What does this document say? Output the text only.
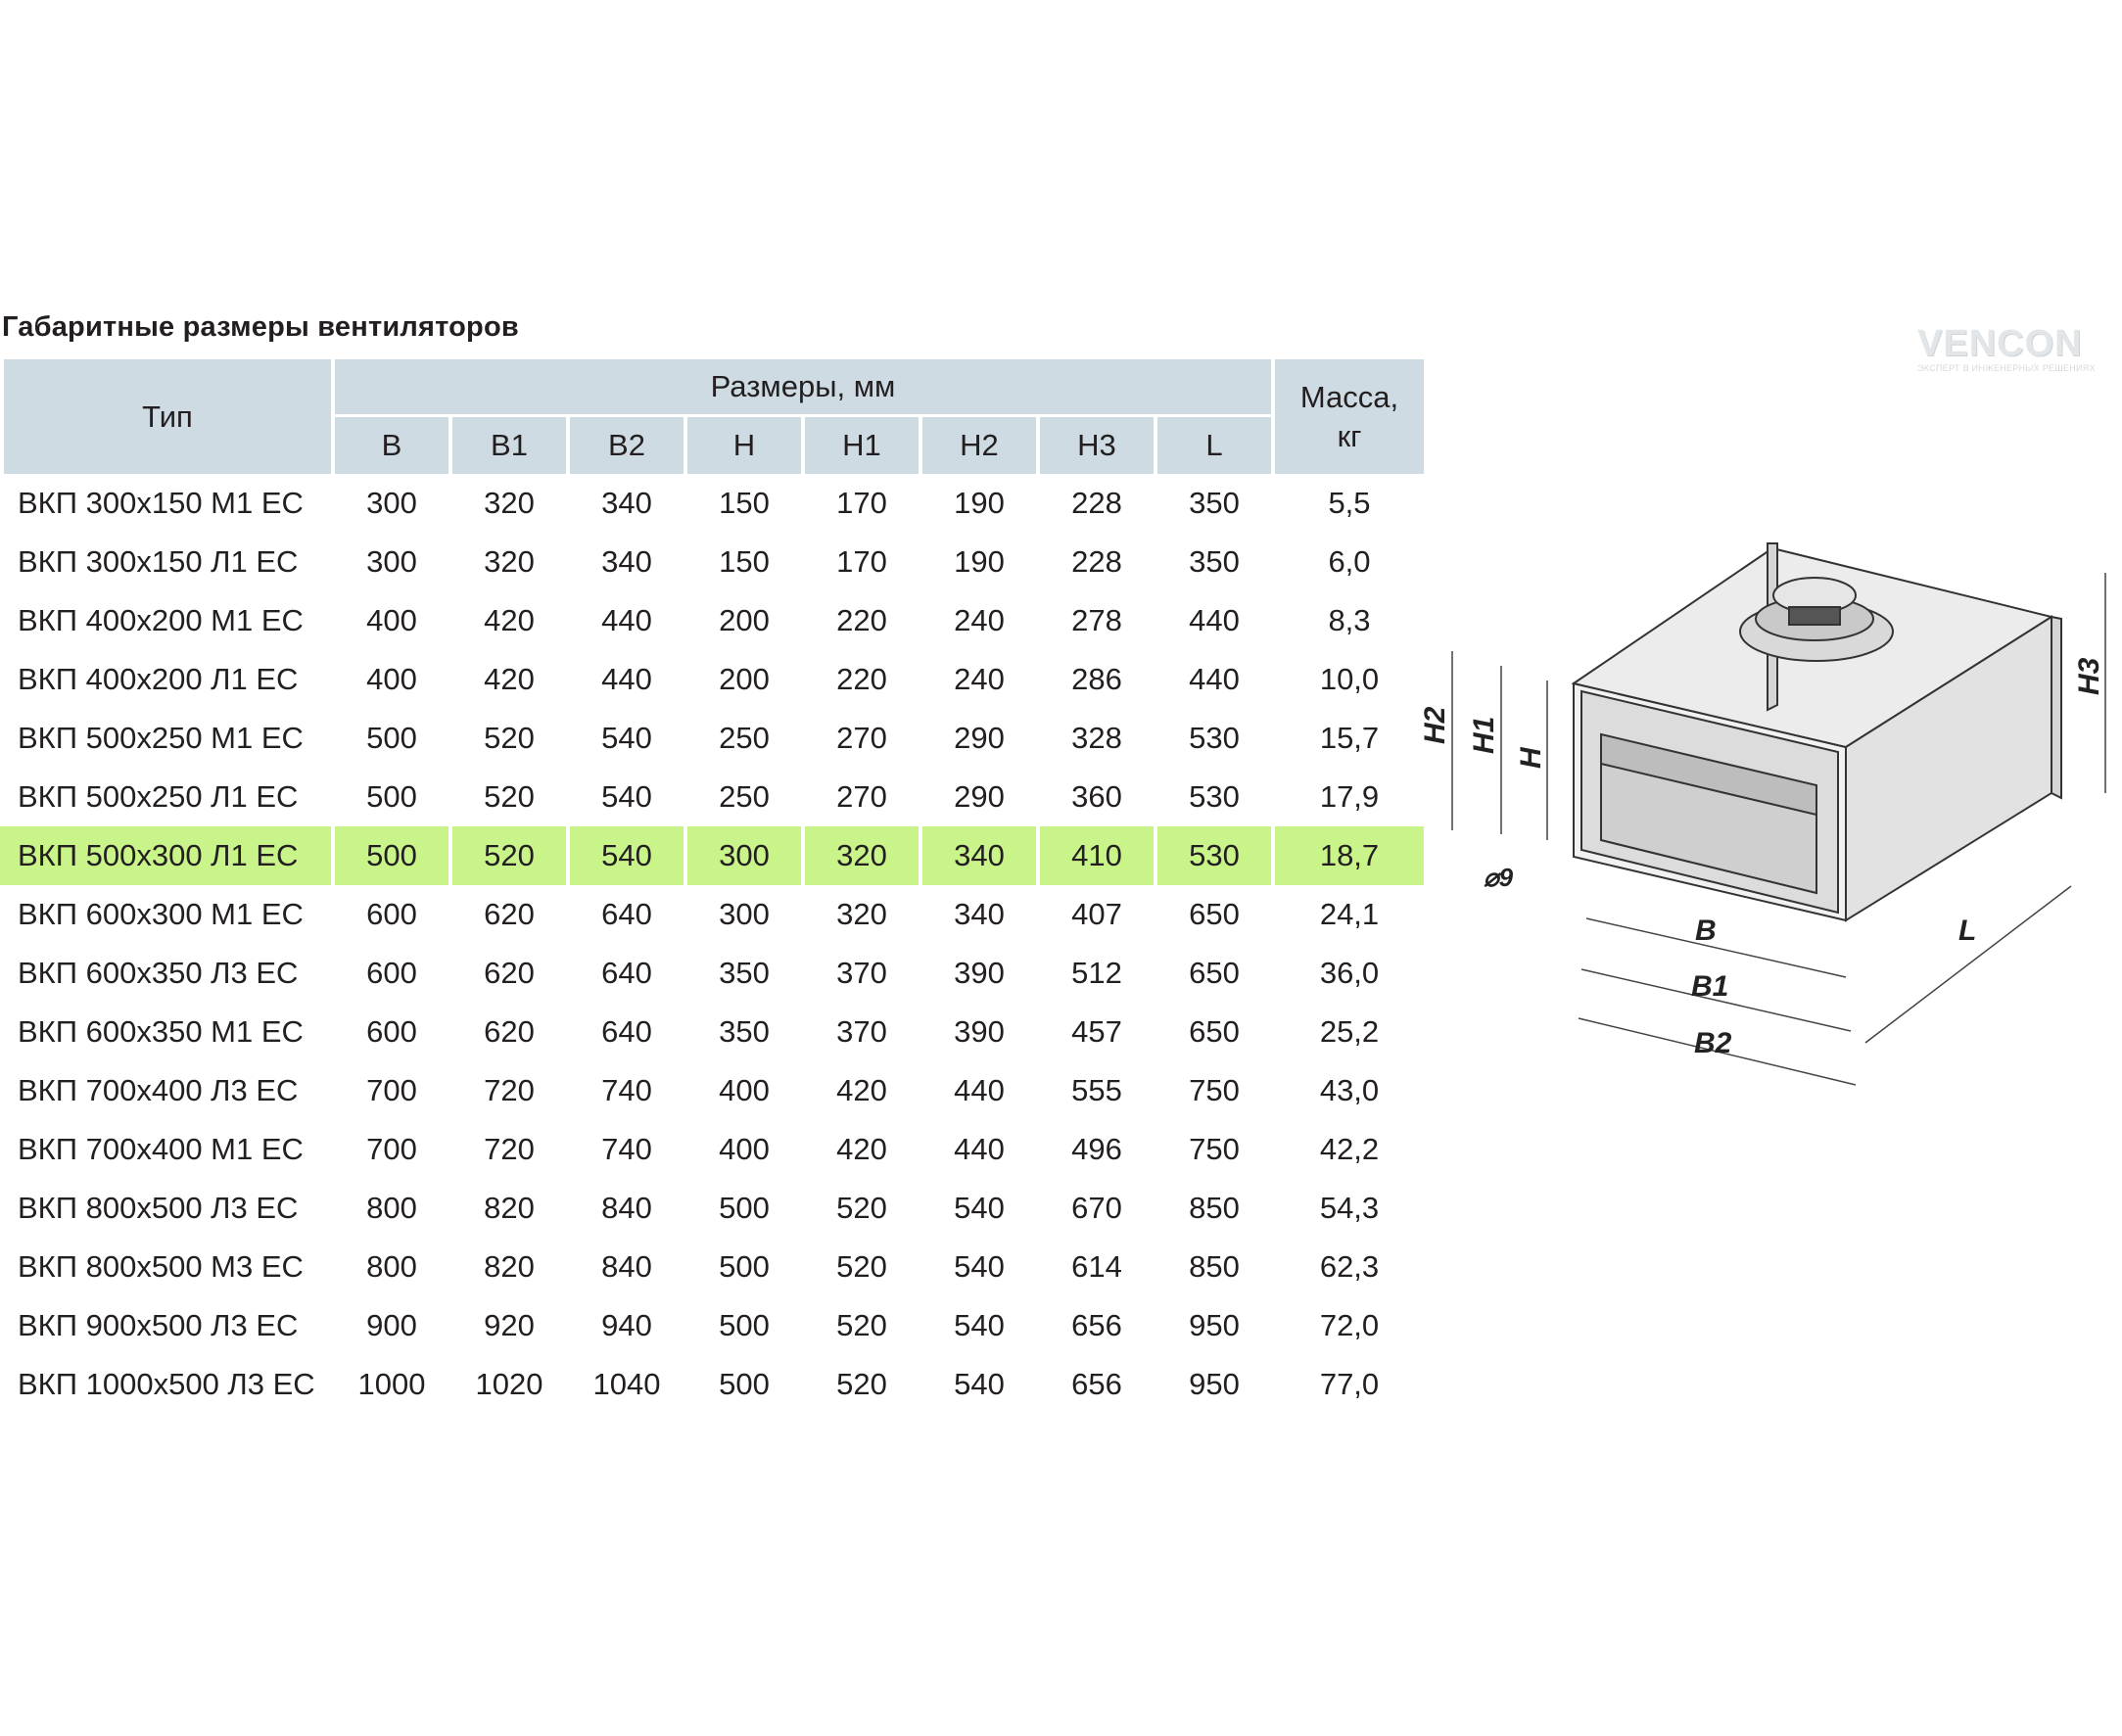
Габаритные размеры вентиляторов	VENCON
ЭКСПЕРТ В ИНЖЕНЕРНЫХ РЕШЕНИЯХ
Тип	Размеры, мм								Масса, кг
	B	B1	B2	H	H1	H2	H3	L	
ВКП 300х150 М1 ЕС	300	320	340	150	170	190	228	350	5,5
ВКП 300х150 Л1 ЕС	300	320	340	150	170	190	228	350	6,0
ВКП 400х200 М1 ЕС	400	420	440	200	220	240	278	440	8,3
ВКП 400х200 Л1 ЕС	400	420	440	200	220	240	286	440	10,0
ВКП 500х250 М1 ЕС	500	520	540	250	270	290	328	530	15,7
ВКП 500х250 Л1 ЕС	500	520	540	250	270	290	360	530	17,9
ВКП 500х300 Л1 ЕС	500	520	540	300	320	340	410	530	18,7
ВКП 600х300 М1 ЕС	600	620	640	300	320	340	407	650	24,1
ВКП 600х350 Л3 ЕС	600	620	640	350	370	390	512	650	36,0
ВКП 600х350 М1 ЕС	600	620	640	350	370	390	457	650	25,2
ВКП 700х400 Л3 ЕС	700	720	740	400	420	440	555	750	43,0
ВКП 700х400 М1 ЕС	700	720	740	400	420	440	496	750	42,2
ВКП 800х500 Л3 ЕС	800	820	840	500	520	540	670	850	54,3
ВКП 800х500 М3 ЕС	800	820	840	500	520	540	614	850	62,3
ВКП 900х500 Л3 ЕС	900	920	940	500	520	540	656	950	72,0
ВКП 1000х500 Л3 ЕС	1000	1020	1040	500	520	540	656	950	77,0
H2 H1
H
H3
B
B1
B2
L
⌀9
